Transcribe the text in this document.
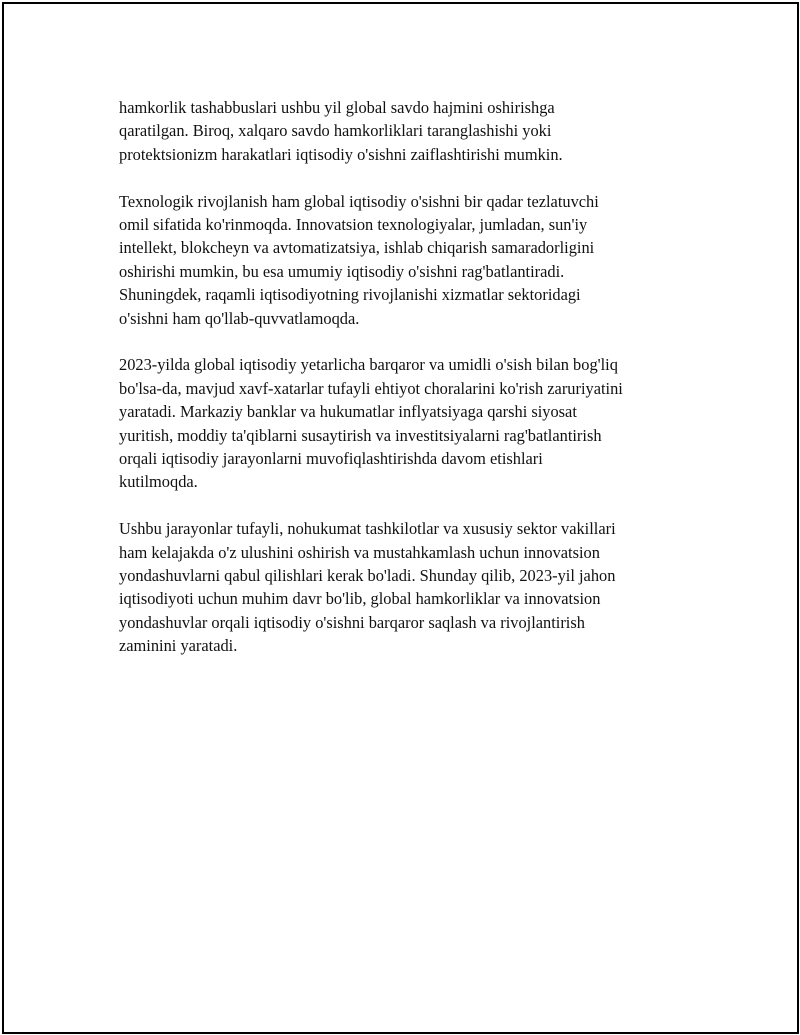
hamkorlik tashabbuslari ushbu yil global savdo hajmini oshirishga
qaratilgan. Biroq, xalqaro savdo hamkorliklari taranglashishi yoki
protektsionizm harakatlari iqtisodiy o'sishni zaiflashtirishi mumkin.

Texnologik rivojlanish ham global iqtisodiy o'sishni bir qadar tezlatuvchi
omil sifatida ko'rinmoqda. Innovatsion texnologiyalar, jumladan, sun'iy
intellekt, blokcheyn va avtomatizatsiya, ishlab chiqarish samaradorligini
oshirishi mumkin, bu esa umumiy iqtisodiy o'sishni rag'batlantiradi.
Shuningdek, raqamli iqtisodiyotning rivojlanishi xizmatlar sektoridagi
o'sishni ham qo'llab-quvvatlamoqda.

2023-yilda global iqtisodiy yetarlicha barqaror va umidli o'sish bilan bog'liq
bo'lsa-da, mavjud xavf-xatarlar tufayli ehtiyot choralarini ko'rish zaruriyatini
yaratadi. Markaziy banklar va hukumatlar inflyatsiyaga qarshi siyosat
yuritish, moddiy ta'qiblarni susaytirish va investitsiyalarni rag'batlantirish
orqali iqtisodiy jarayonlarni muvofiqlashtirishda davom etishlari
kutilmoqda.

Ushbu jarayonlar tufayli, nohukumat tashkilotlar va xususiy sektor vakillari
ham kelajakda o'z ulushini oshirish va mustahkamlash uchun innovatsion
yondashuvlarni qabul qilishlari kerak bo'ladi. Shunday qilib, 2023-yil jahon
iqtisodiyoti uchun muhim davr bo'lib, global hamkorliklar va innovatsion
yondashuvlar orqali iqtisodiy o'sishni barqaror saqlash va rivojlantirish
zaminini yaratadi.
